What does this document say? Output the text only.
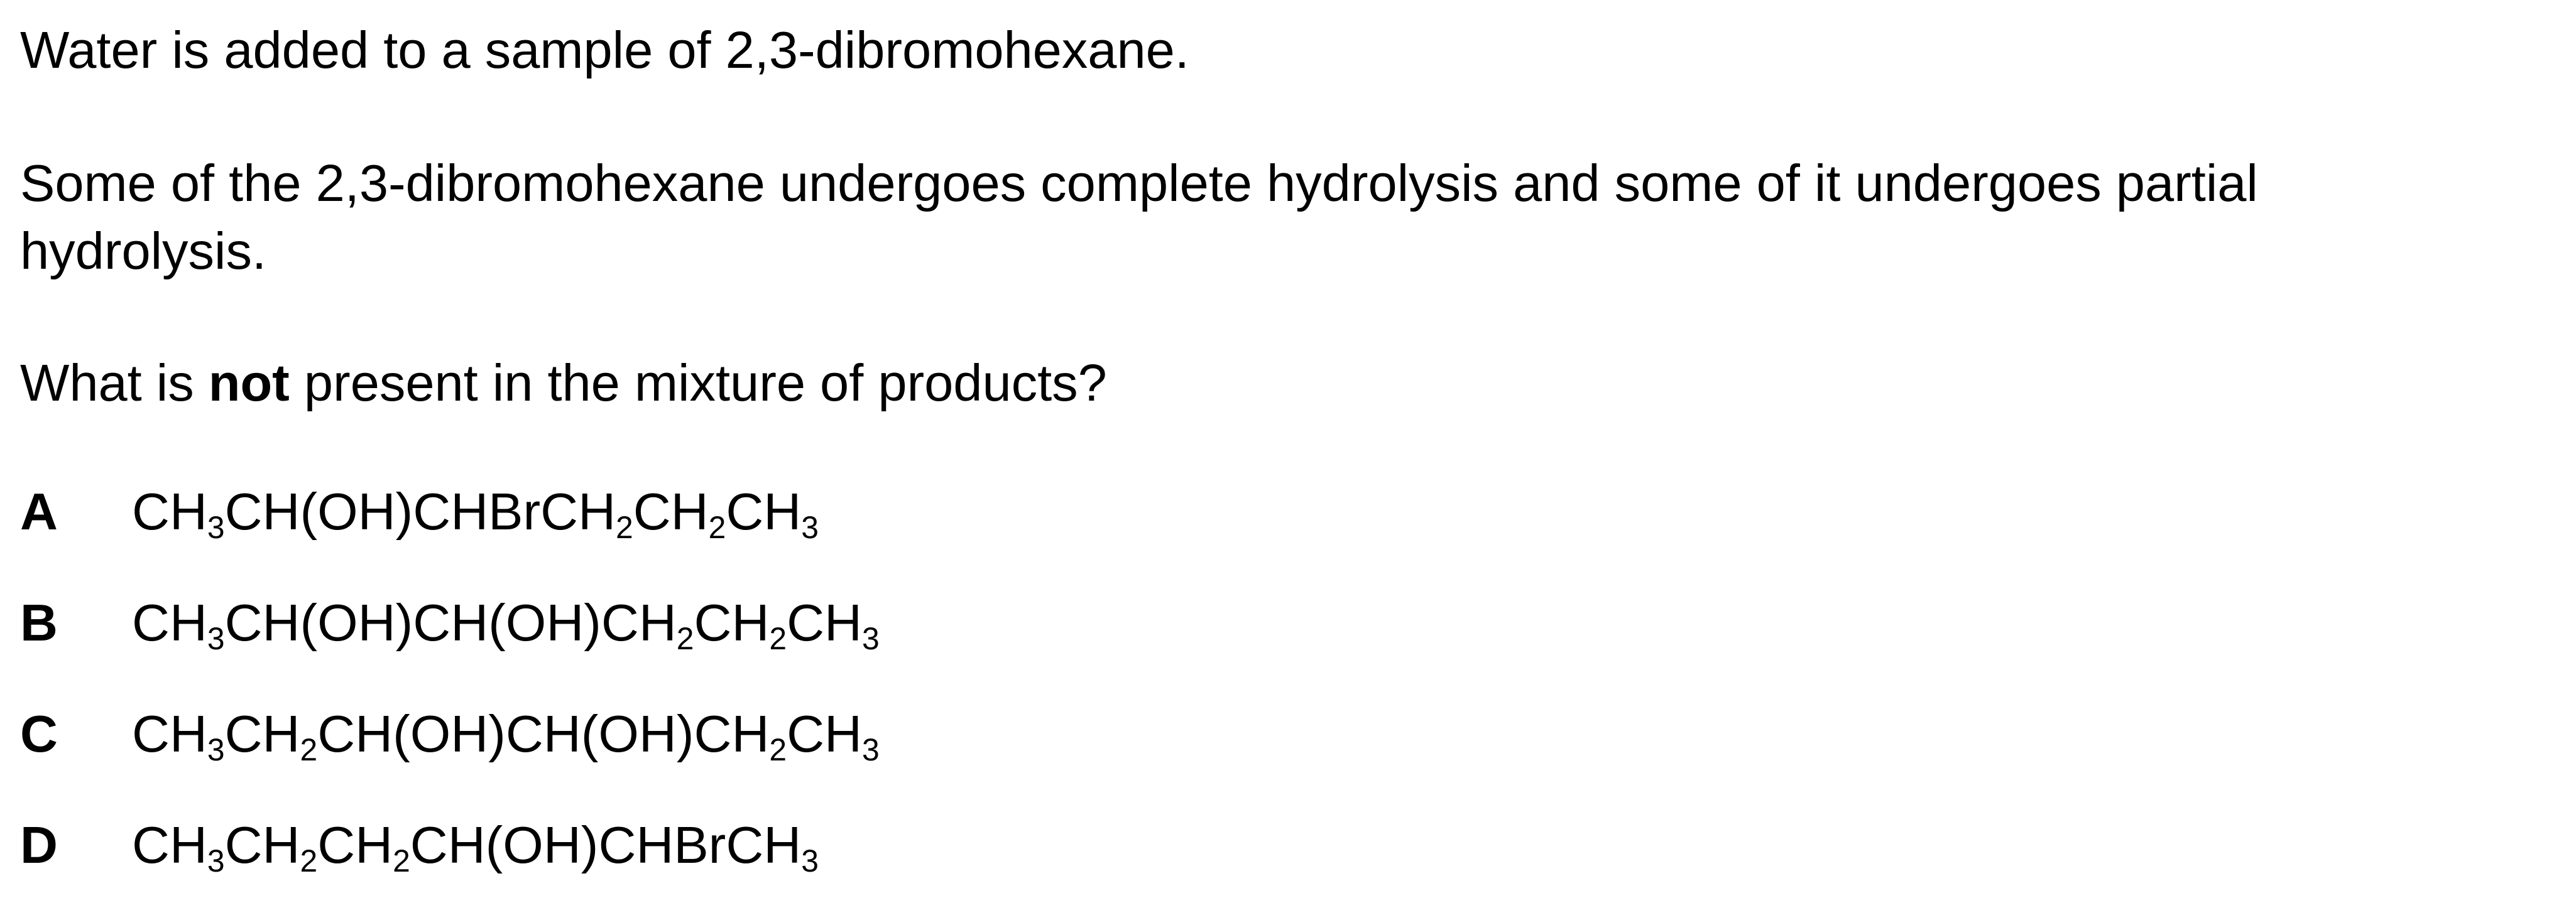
Water is added to a sample of 2,3-dibromohexane.
Some of the 2,3-dibromohexane undergoes complete hydrolysis and some of it undergoes partial
hydrolysis.
What is not present in the mixture of products?
A $CH_3CH(OH)CHBrCH_2CH_2CH_3$
B $CH_3CH(OH)CH(OH)CH_2CH_2CH_3$
C $CH_3CH_2CH(OH)CH(OH)CH_2CH_3$
D $CH_3CH_2CH_2CH(OH)CHBrCH_3$
